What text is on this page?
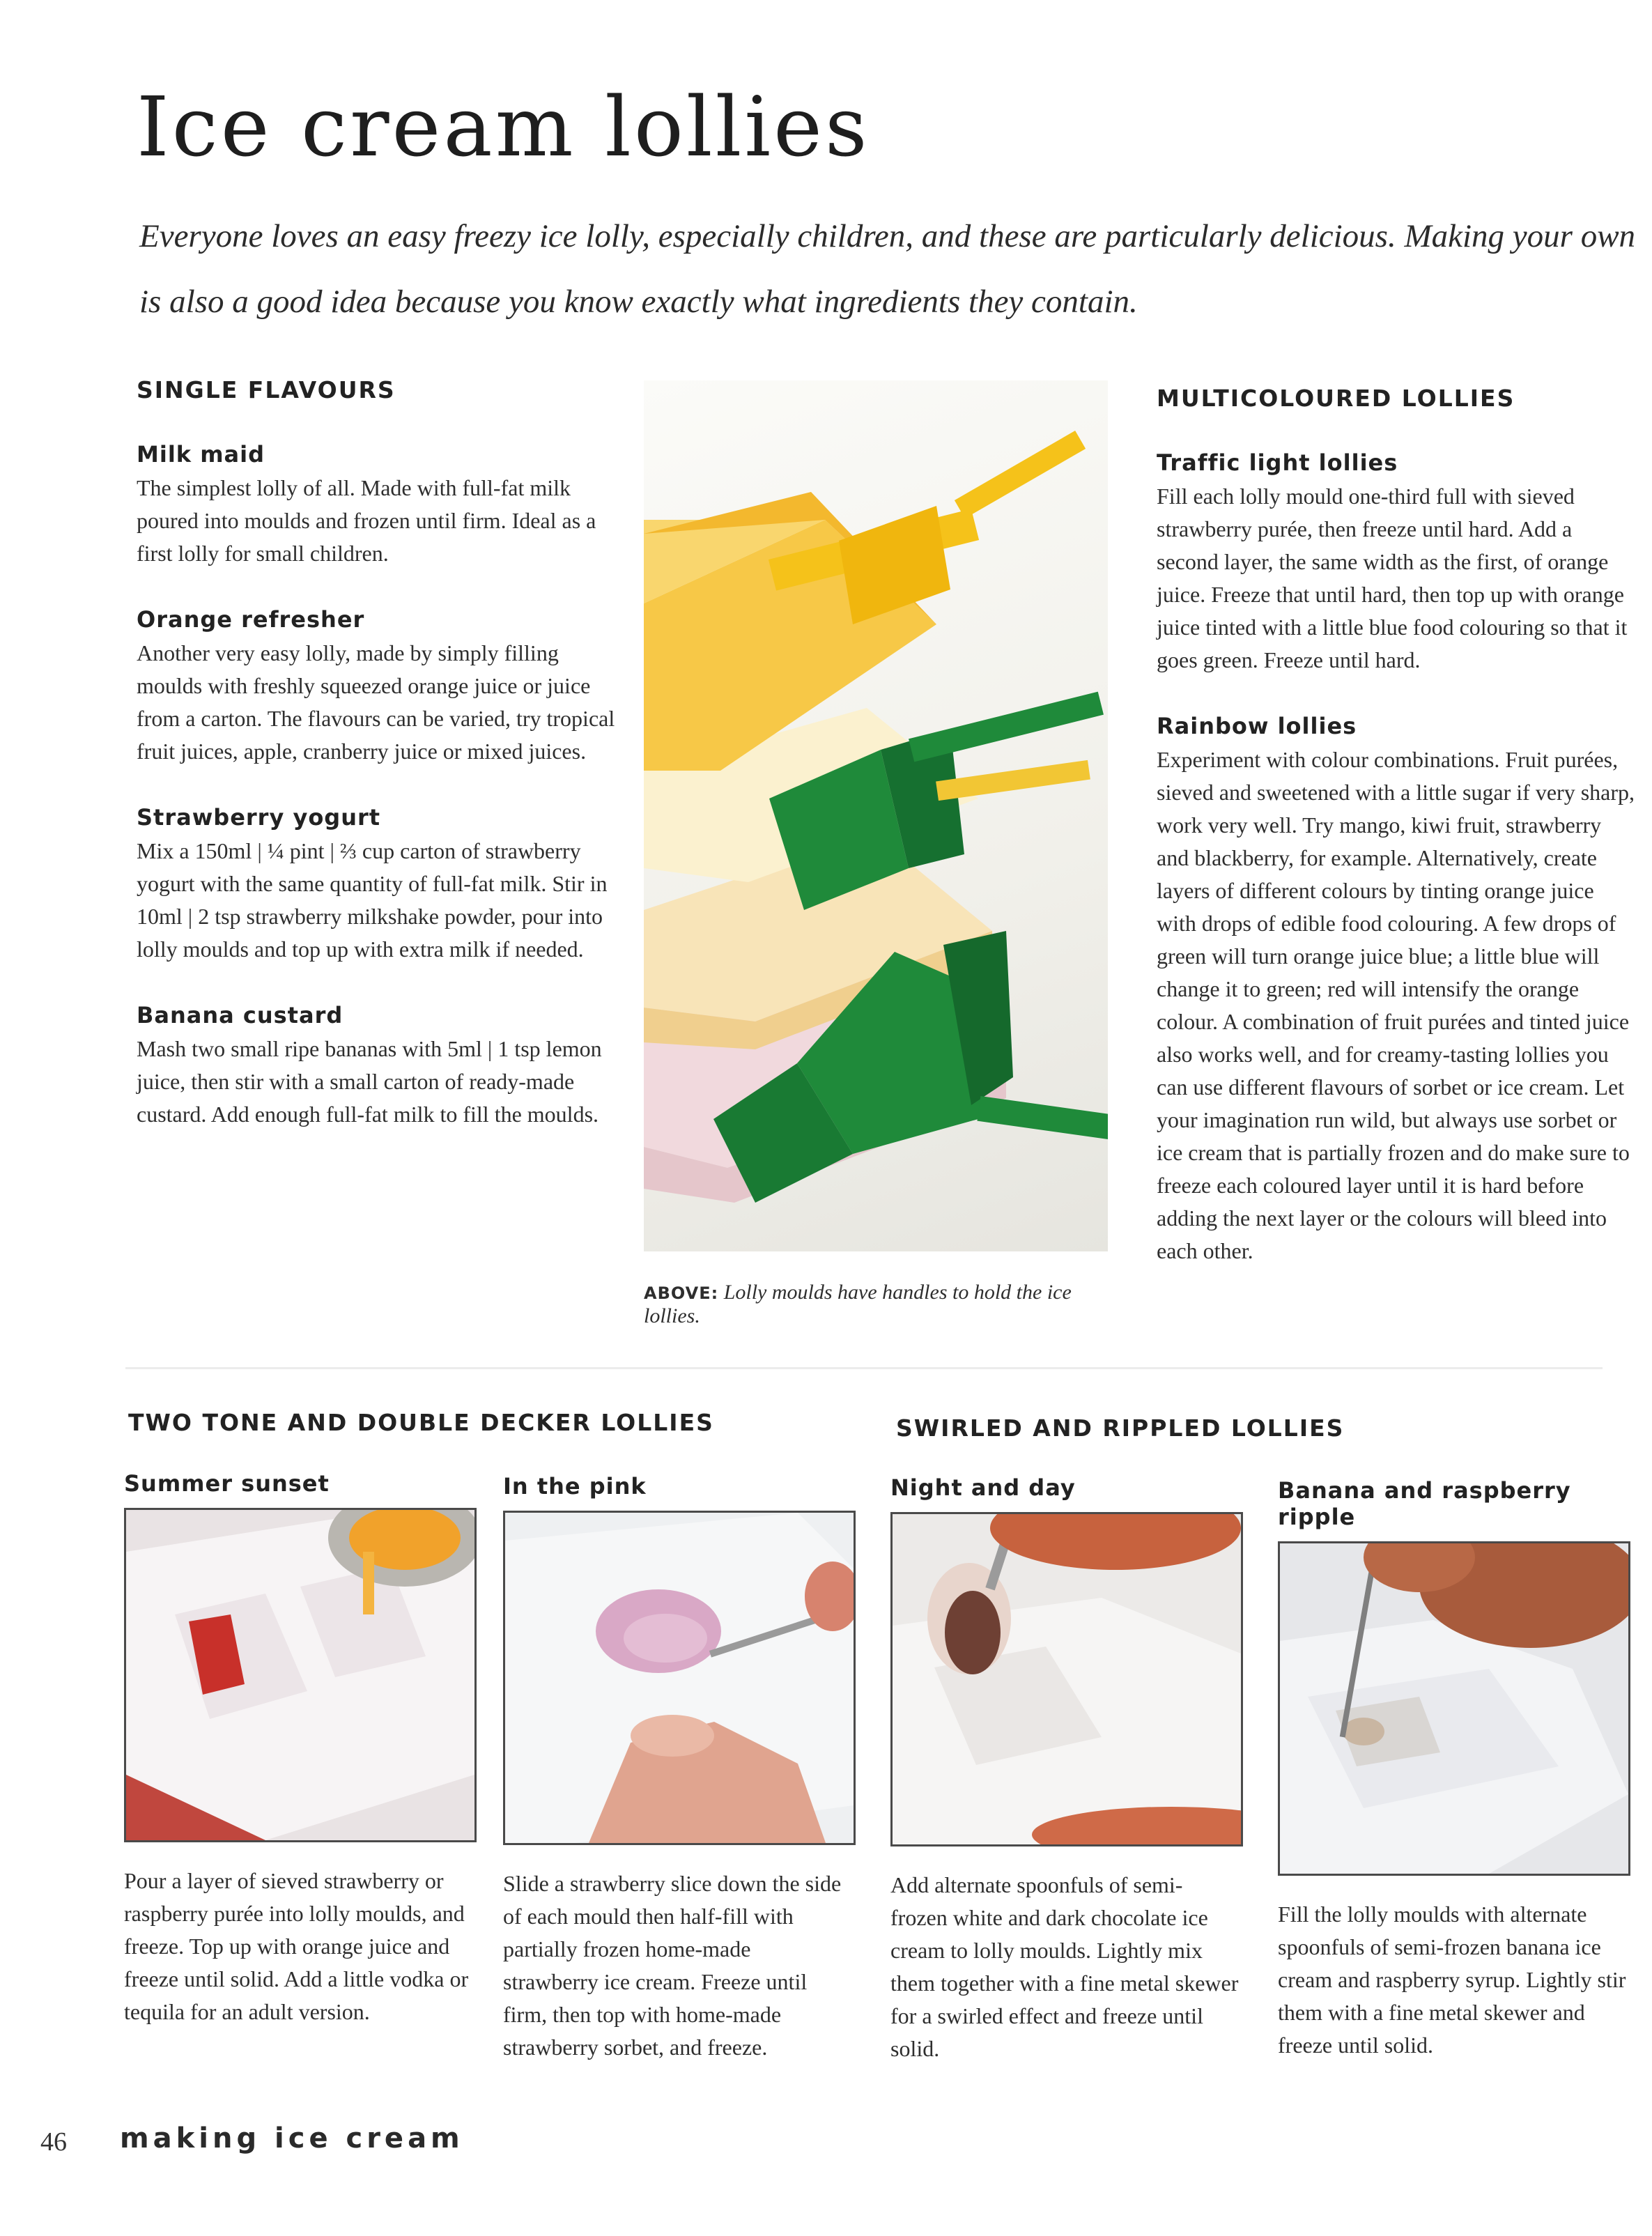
Ice cream lollies

Everyone loves an easy freezy ice lolly, especially children, and these are particularly delicious. Making your own is also a good idea because you know exactly what ingredients they contain.

SINGLE FLAVOURS
Milk maid

The simplest lolly of all. Made with full-fat milk poured into moulds and frozen until firm. Ideal as a first lolly for small children.

Orange refresher

Another very easy lolly, made by simply filling moulds with freshly squeezed orange juice or juice from a carton. The flavours can be varied, try tropical fruit juices, apple, cranberry juice or mixed juices.

Strawberry yogurt

Mix a 150ml | ¼ pint | ⅔ cup carton of strawberry yogurt with the same quantity of full-fat milk. Stir in 10ml | 2 tsp strawberry milkshake powder, pour into lolly moulds and top up with extra milk if needed.

Banana custard

Mash two small ripe bananas with 5ml | 1 tsp lemon juice, then stir with a small carton of ready-made custard. Add enough full-fat milk to fill the moulds.

ABOVE: Lolly moulds have handles to hold the ice lollies.
MULTICOLOURED LOLLIES
Traffic light lollies

Fill each lolly mould one-third full with sieved strawberry purée, then freeze until hard. Add a second layer, the same width as the first, of orange juice. Freeze that until hard, then top up with orange juice tinted with a little blue food colouring so that it goes green. Freeze until hard.

Rainbow lollies

Experiment with colour combinations. Fruit purées, sieved and sweetened with a little sugar if very sharp, work very well. Try mango, kiwi fruit, strawberry and blackberry, for example. Alternatively, create layers of different colours by tinting orange juice with drops of edible food colouring. A few drops of green will turn orange juice blue; a little blue will change it to green; red will intensify the orange colour. A combination of fruit purées and tinted juice also works well, and for creamy-tasting lollies you can use different flavours of sorbet or ice cream. Let your imagination run wild, but always use sorbet or ice cream that is partially frozen and do make sure to freeze each coloured layer until it is hard before adding the next layer or the colours will bleed into each other.

TWO TONE AND DOUBLE DECKER LOLLIES	SWIRLED AND RIPPLED LOLLIES
Summer sunset

Pour a layer of sieved strawberry or raspberry purée into lolly moulds, and freeze. Top up with orange juice and freeze until solid. Add a little vodka or tequila for an adult version.

In the pink

Slide a strawberry slice down the side of each mould then half-fill with partially frozen home-made strawberry ice cream. Freeze until firm, then top with home-made strawberry sorbet, and freeze.

Night and day

Add alternate spoonfuls of semi-frozen white and dark chocolate ice cream to lolly moulds. Lightly mix them together with a fine metal skewer for a swirled effect and freeze until solid.

Banana and raspberry ripple

Fill the lolly moulds with alternate spoonfuls of semi-frozen banana ice cream and raspberry syrup. Lightly stir them with a fine metal skewer and freeze until solid.

46 making ice cream
